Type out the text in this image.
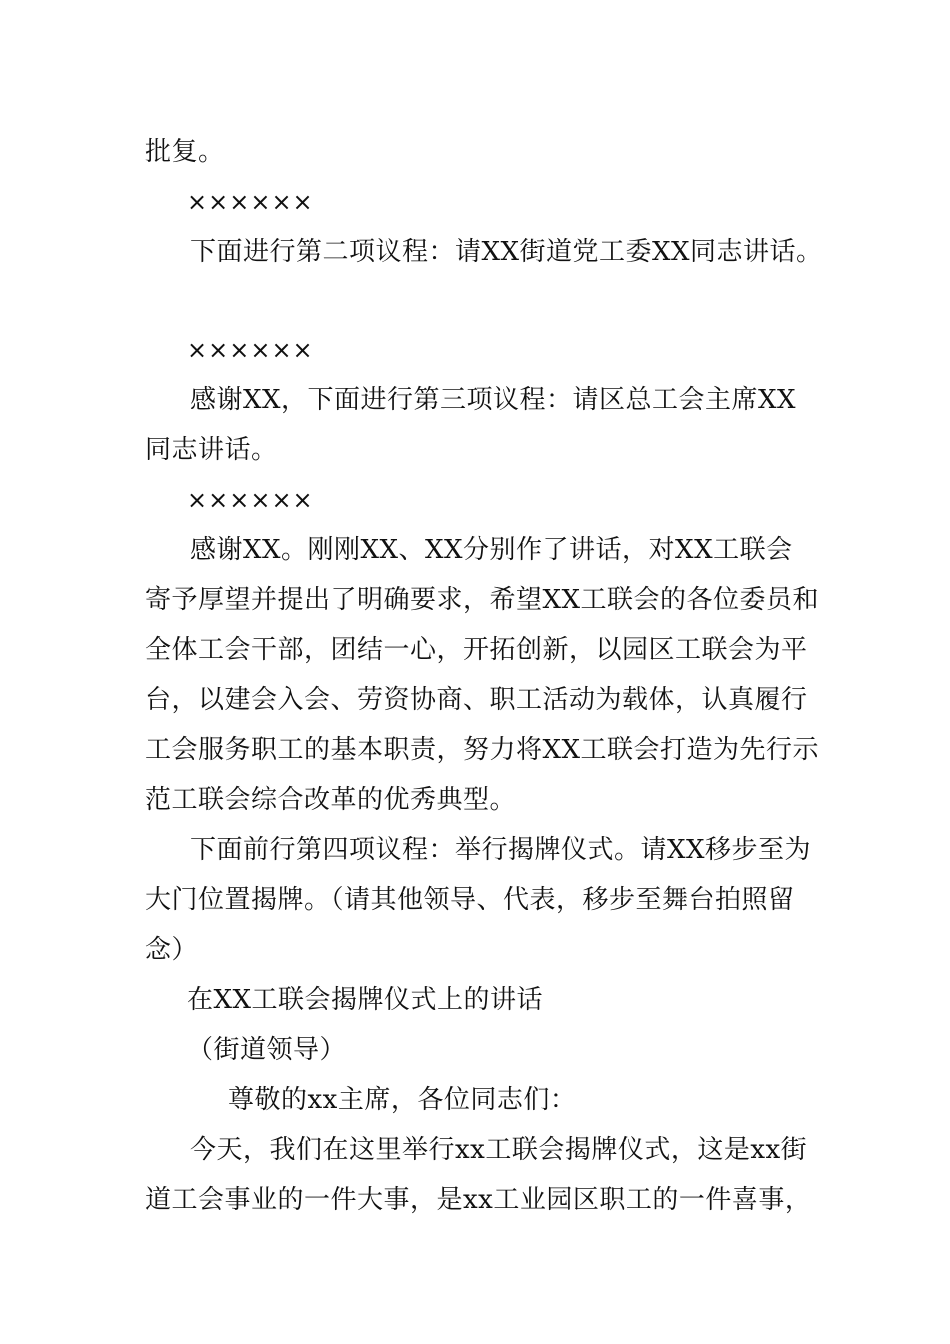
批复。
××××××
下面进行第二项议程：请XX街道党工委XX同志讲话。
××××××
感谢XX，下面进行第三项议程：请区总工会主席XX
同志讲话。
××××××
感谢XX。刚刚XX、XX分别作了讲话，对XX工联会
寄予厚望并提出了明确要求，希望XX工联会的各位委员和
全体工会干部，团结一心，开拓创新，以园区工联会为平
台，以建会入会、劳资协商、职工活动为载体，认真履行
工会服务职工的基本职责，努力将XX工联会打造为先行示
范工联会综合改革的优秀典型。
下面前行第四项议程：举行揭牌仪式。请XX移步至为
大门位置揭牌。（请其他领导、代表，移步至舞台拍照留
念）
在XX工联会揭牌仪式上的讲话
（街道领导）
尊敬的xx主席，各位同志们：
今天，我们在这里举行xx工联会揭牌仪式，这是xx街
道工会事业的一件大事，是xx工业园区职工的一件喜事，
